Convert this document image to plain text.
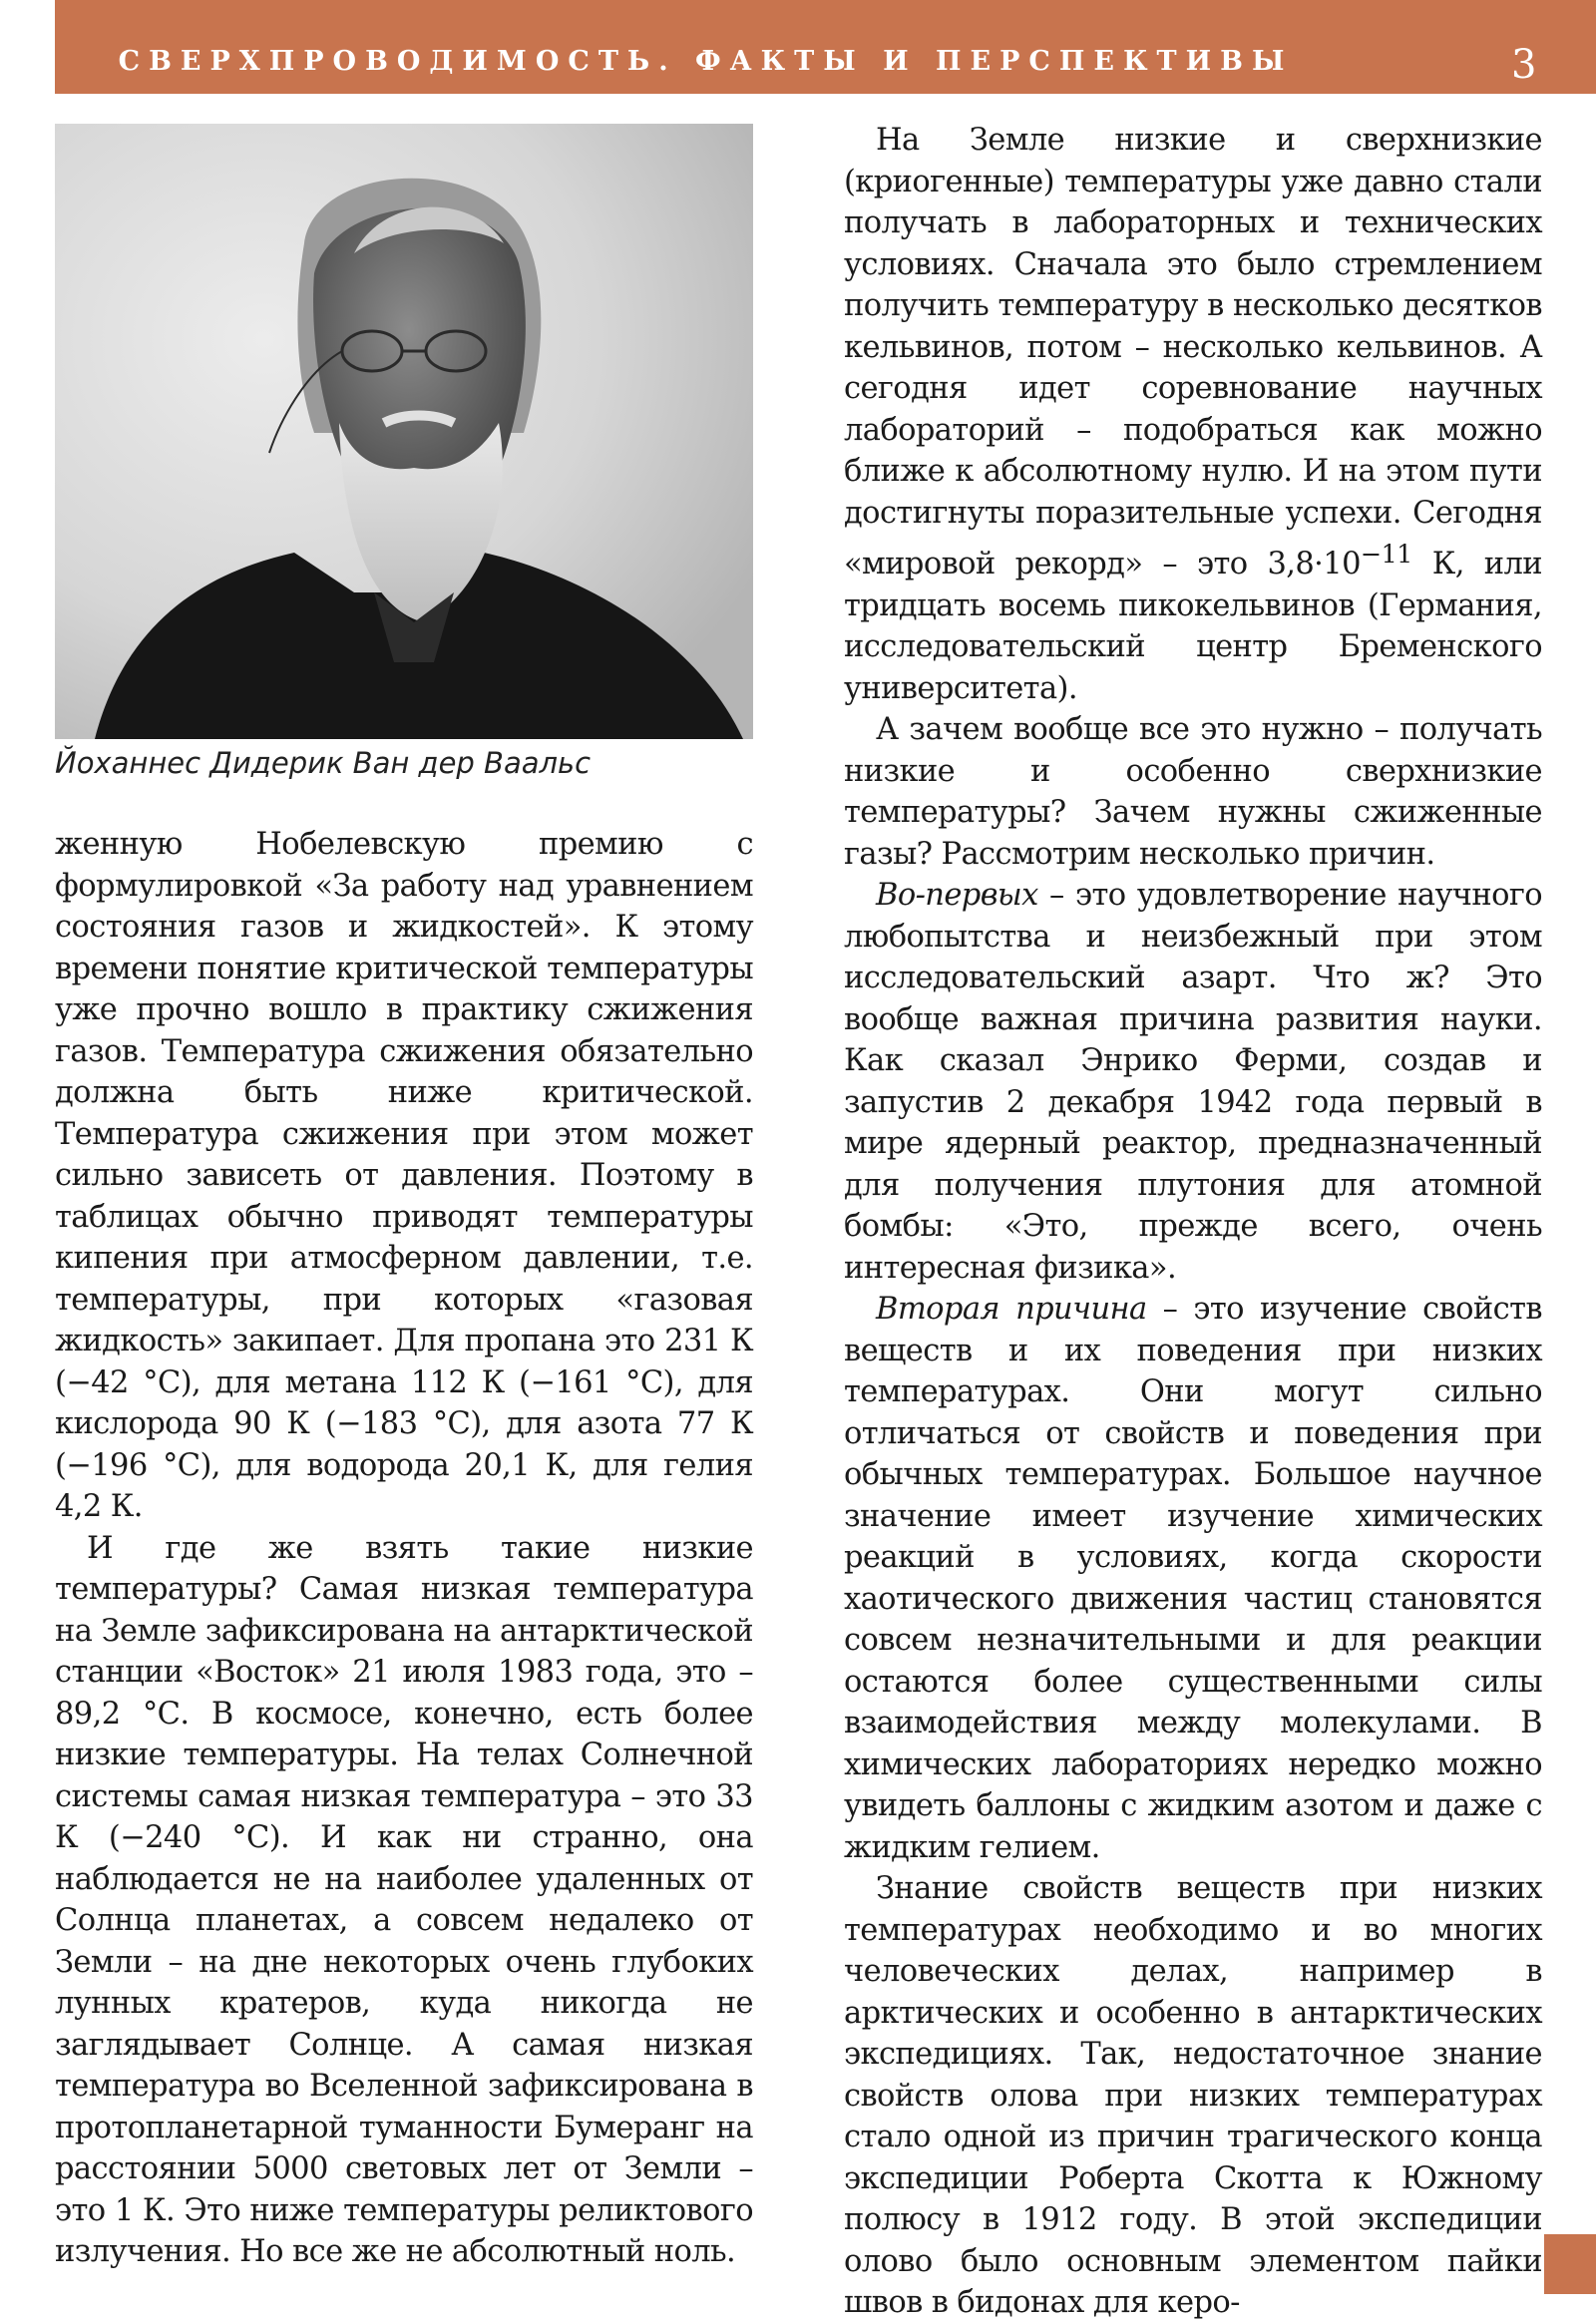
СВЕРХПРОВОДИМОСТЬ. ФАКТЫ И ПЕРСПЕКТИВЫ	3
Йоханнес Дидерик Ван дер Ваальс

женную Нобелевскую премию с формулировкой «За работу над уравнением состояния газов и жидкостей». К этому времени понятие критической температуры уже прочно вошло в практику сжижения газов. Температура сжижения обязательно должна быть ниже критической. Температура сжижения при этом может сильно зависеть от давления. Поэтому в таблицах обычно приводят температуры кипения при атмосферном давлении, т.е. температуры, при которых «газовая жидкость» закипает. Для пропана это 231 К (−42 °С), для метана 112 К (−161 °С), для кислорода 90 К (−183 °С), для азота 77 К (−196 °С), для водорода 20,1 К, для гелия 4,2 К.

И где же взять такие низкие температуры? Самая низкая температура на Земле зафиксирована на антарктической станции «Восток» 21 июля 1983 года, это –89,2 °С. В космосе, конечно, есть более низкие температуры. На телах Солнечной системы самая низкая температура – это 33 К (−240 °С). И как ни странно, она наблюдается не на наиболее удаленных от Солнца планетах, а совсем недалеко от Земли – на дне некоторых очень глубоких лунных кратеров, куда никогда не заглядывает Солнце. А самая низкая температура во Вселенной зафиксирована в протопланетарной туманности Бумеранг на расстоянии 5000 световых лет от Земли – это 1 К. Это ниже температуры реликтового излучения. Но все же не абсолютный ноль.

На Земле низкие и сверхнизкие (криогенные) температуры уже давно стали получать в лабораторных и технических условиях. Сначала это было стремлением получить температуру в несколько десятков кельвинов, потом – несколько кельвинов. А сегодня идет соревнование научных лабораторий – подобраться как можно ближе к абсолютному нулю. И на этом пути достигнуты поразительные успехи. Сегодня «мировой рекорд» – это $3,8\cdot 10^{-11}$ К, или тридцать восемь пикокельвинов (Германия, исследовательский центр Бременского университета).

А зачем вообще все это нужно – получать низкие и особенно сверхнизкие температуры? Зачем нужны сжиженные газы? Рассмотрим несколько причин.

Во-первых – это удовлетворение научного любопытства и неизбежный при этом исследовательский азарт. Что ж? Это вообще важная причина развития науки. Как сказал Энрико Ферми, создав и запустив 2 декабря 1942 года первый в мире ядерный реактор, предназначенный для получения плутония для атомной бомбы: «Это, прежде всего, очень интересная физика».

Вторая причина – это изучение свойств веществ и их поведения при низких температурах. Они могут сильно отличаться от свойств и поведения при обычных температурах. Большое научное значение имеет изучение химических реакций в условиях, когда скорости хаотического движения частиц становятся совсем незначительными и для реакции остаются более существенными силы взаимодействия между молекулами. В химических лабораториях нередко можно увидеть баллоны с жидким азотом и даже с жидким гелием.

Знание свойств веществ при низких температурах необходимо и во многих человеческих делах, например в арктических и особенно в антарктических экспедициях. Так, недостаточное знание свойств олова при низких температурах стало одной из причин трагического конца экспедиции Роберта Скотта к Южному полюсу в 1912 году. В этой экспедиции олово было основным элементом пайки швов в бидонах для керо-
